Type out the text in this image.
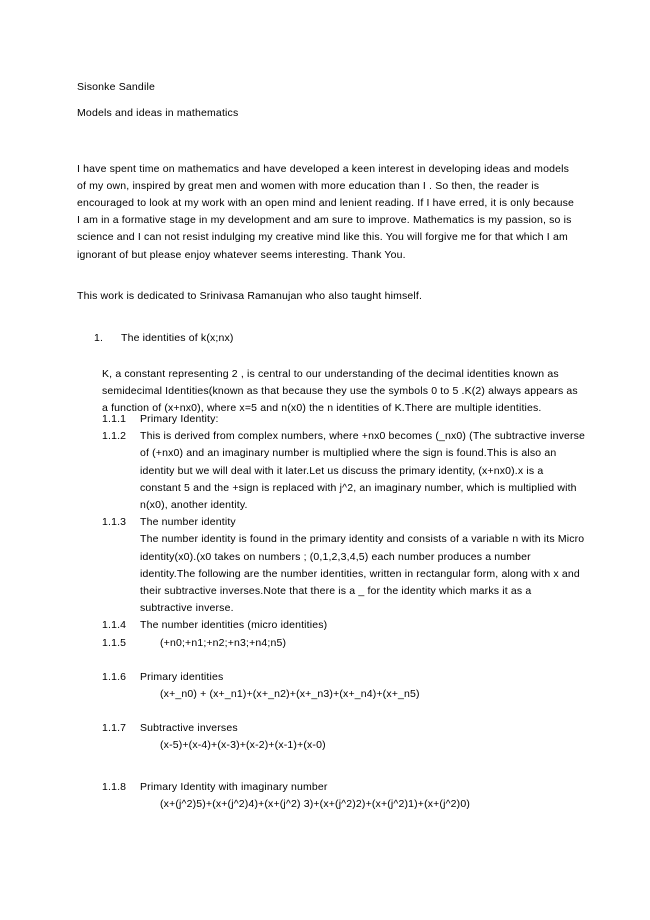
Sisonke Sandile
Models and ideas in mathematics

I have spent time on mathematics and have developed a keen interest in developing ideas and models of my own, inspired by great men and women with more education than I . So then, the reader is encouraged to look at my work with an open mind and lenient reading. If I have erred, it is only because I am in a formative stage in my development and am sure to improve. Mathematics is my passion, so is science and I can not resist indulging my creative mind like this. You will forgive me for that which I am ignorant of but please enjoy whatever seems interesting. Thank You.

This work is dedicated to Srinivasa Ramanujan who also taught himself.

1.	The identities of k(x;nx)

K, a constant representing 2 , is central to our understanding of the decimal identities known as semidecimal Identities(known as that because they use the symbols 0 to 5 .K(2) always appears as a function of (x+nx0), where x=5 and n(x0) the n identities of K.There are multiple identities.

1.1.1	Primary Identity:
1.1.2	This is derived from complex numbers, where +nx0 becomes (_nx0) (The subtractive inverse of (+nx0) and an imaginary number is multiplied where the sign is found.This is also an identity but we will deal with it later.Let us discuss the primary identity, (x+nx0).x is a constant 5 and the +sign is replaced with j^2, an imaginary number, which is multiplied with n(x0), another identity.
1.1.3	The number identity
The number identity is found in the primary identity and consists of a variable n with its Micro identity(x0).(x0 takes on numbers ; (0,1,2,3,4,5) each number produces a number identity.The following are the number identities, written in rectangular form, along with x and their subtractive inverses.Note that there is a _ for the identity which marks it as a subtractive inverse.
1.1.4	The number identities (micro identities)
1.1.5	(+n0;+n1;+n2;+n3;+n4;n5)
1.1.6	Primary identities
(x+_n0) + (x+_n1)+(x+_n2)+(x+_n3)+(x+_n4)+(x+_n5)
1.1.7	Subtractive inverses
(x-5)+(x-4)+(x-3)+(x-2)+(x-1)+(x-0)
1.1.8	Primary Identity with imaginary number
(x+(j^2)5)+(x+(j^2)4)+(x+(j^2) 3)+(x+(j^2)2)+(x+(j^2)1)+(x+(j^2)0)
